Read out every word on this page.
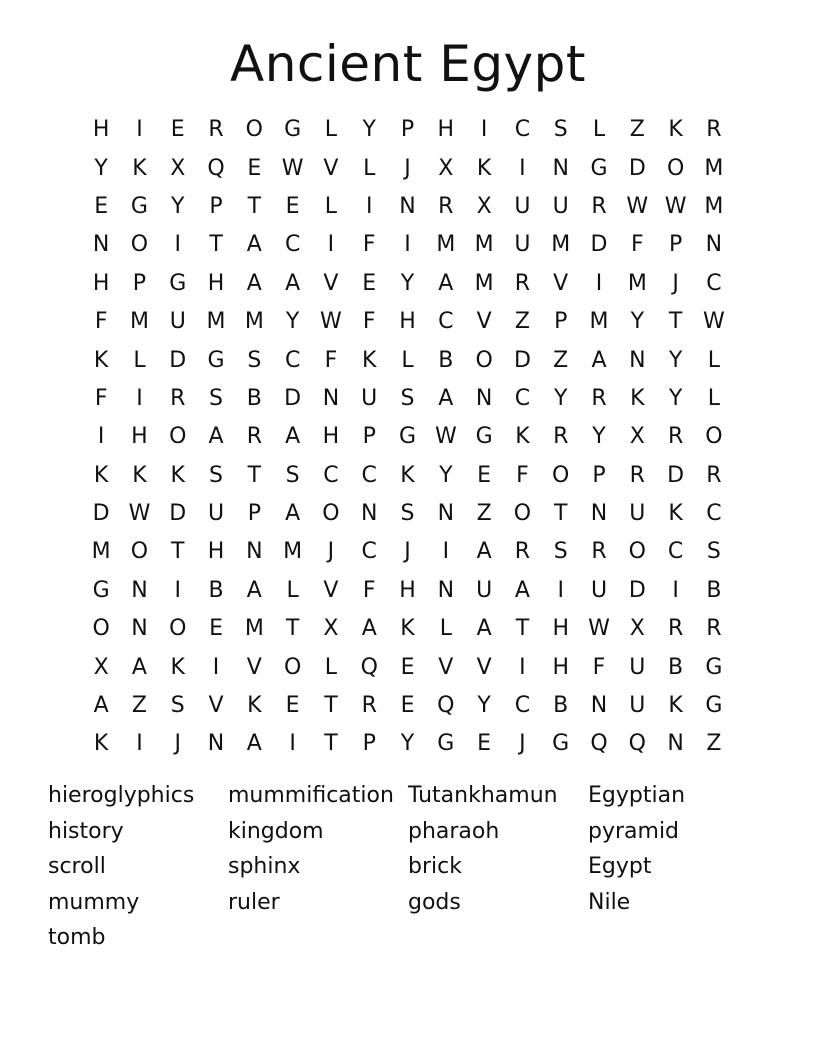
Ancient Egypt
H	I	E	R O G	L	Y	P	H	I	C	S	L	Z	K	R
Y	K	X	Q	E W V	L	J	X	K	I	N G D O M
E	G	Y	P	T	E	L	I	N	R	X	U	U	R W W M
N O	I	T	A	C	I	F	I	M M U M D	F	P	N
H	P	G H	A	A	V	E	Y	A M R	V	I	M	J	C
F	M U M M	Y W F	H	C	V	Z	P	M	Y	T W
K	L	D G	S	C	F	K	L	B	O D	Z	A	N	Y	L
F	I	R	S	B	D N	U	S	A	N	C	Y	R	K	Y	L
I	H O	A	R	A	H	P	G W G	K	R	Y	X	R O
K	K	K	S	T	S	C	C	K	Y	E	F	O	P	R	D	R
D W D U	P	A	O N	S	N	Z	O	T	N	U	K	C
M O	T	H N M	J	C	J	I	A	R	S	R O C	S
G N	I	B	A	L	V	F	H N	U	A	I	U D	I	B
O N O	E M	T	X	A	K	L	A	T	H W X	R	R
X	A	K	I	V	O	L	Q	E	V	V	I	H	F	U	B	G
A	Z	S	V	K	E	T	R	E	Q	Y	C	B	N	U	K	G
K	I	J	N	A	I	T	P	Y	G	E	J	G Q Q N	Z
hieroglyphics	mummification Tutankhamun	Egyptian
history	kingdom	pharaoh	pyramid
scroll	sphinx	brick	Egypt
mummy	ruler	gods	Nile
tomb
